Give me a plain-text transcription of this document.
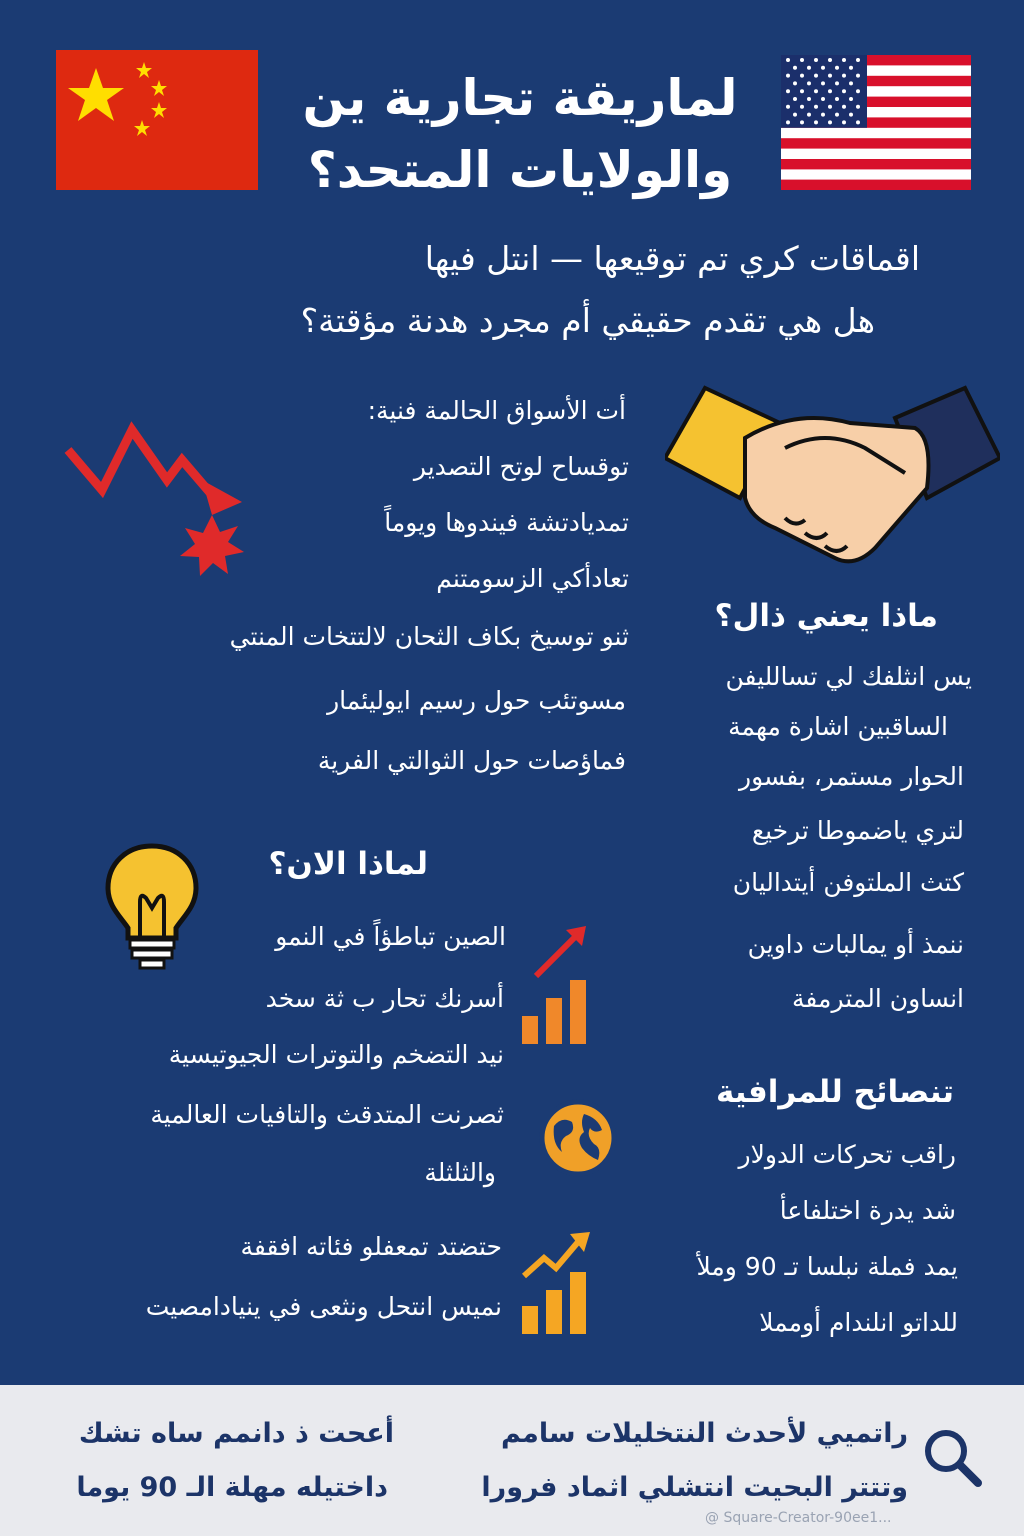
لماريقة تجارية ين
والولايات المتحد؟
اقماقات كري تم توقيعها — انتل فيها
هل هي تقدم حقيقي أم مجرد هدنة مؤقتة؟
أت الأسواق الحالمة فنية:
توقساح لوتح التصدير
تمديادتشة فيندوها ويوماً
تعادأكي الزسومتنم
ثنو توسيخ بكاف الثحان لالتتخات المنتي
مسوتئب حول رسيم ايوليئمار
فماؤصات حول الثوالتي الفرية
ماذا يعني ذال؟
يس انثلفك لي تسالليفن
الساقبين اشارة مهمة
الحوار مستمر، بفسور
لتري ياضموطا ترخيع
كتث الملتوفن أيتداليان
ننمذ أو يمالبات داوين
انساون المترمفة
لماذا الان؟
الصين تباطؤاً في النمو
أسرنك تحار ب ثة سخد
نيد التضخم والتوترات الجيوتيسية
ثصرنت المتدقث والتافيات العالمية
والثلثلة
حتضتد تمعفلو فئاته افقفة
نميس انتحل ونثعى في ينيادامصيت
تنصائح للمرافية
راقب تحركات الدولار
شد يدرة اختلفاعأ
يمد فملة نبلسا تـ 90 وملأ
للداتو انلندام أومملا
أعحت ذ دانمم ساه تشك
داختيله مهلة الـ 90 يوما
راتميي لأحدث النتخليلات سامم
وتتتر البحيت انتشلي اثماد فرورا
@ Square-Creator-90ee1...
